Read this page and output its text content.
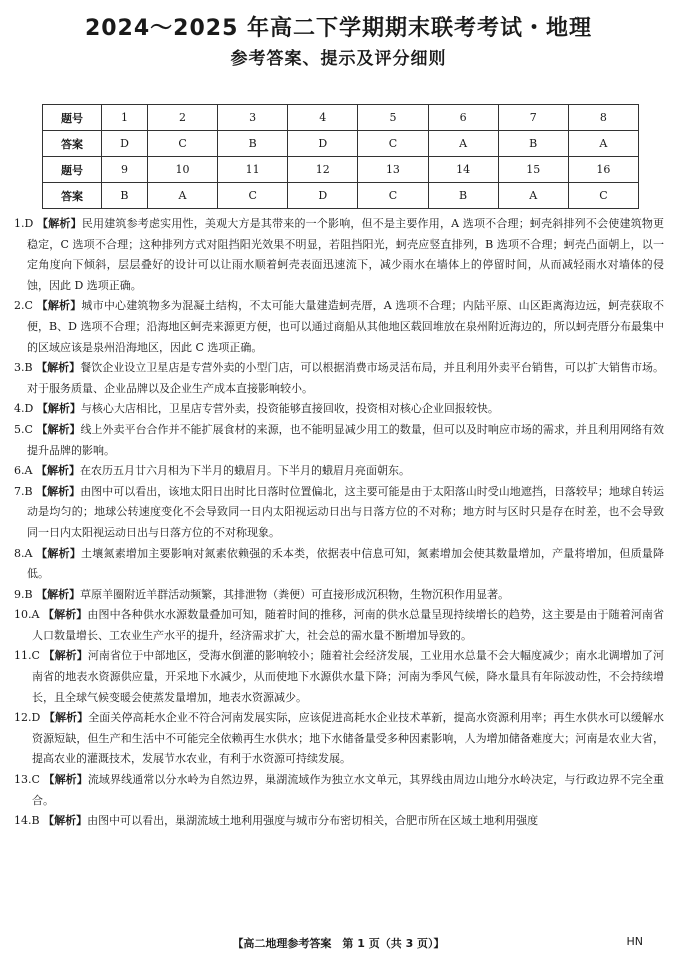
2024～2025 年高二下学期期末联考考试・地理
参考答案、提示及评分细则
题号	1	2	3	4	5	6	7	8
答案	D	C	B	D	C	A	B	A
题号	9	10	11	12	13	14	15	16
答案	B	A	C	D	C	B	A	C

1.D 【解析】民用建筑参考虑实用性，美观大方是其带来的一个影响，但不是主要作用，A 选项不合理；蚵壳斜排列不会使建筑物更稳定，C 选项不合理；这种排列方式对阻挡阳光效果不明显，若阻挡阳光，蚵壳应竖直排列，B 选项不合理；蚵壳凸面朝上，以一定角度向下倾斜，层层叠好的设计可以让雨水顺着蚵壳表面迅速流下，减少雨水在墙体上的停留时间，从而减轻雨水对墙体的侵蚀，因此 D 选项正确。

2.C 【解析】城市中心建筑物多为混凝土结构，不太可能大量建造蚵壳厝，A 选项不合理；内陆平原、山区距离海边远，蚵壳获取不便，B、D 选项不合理；沿海地区蚵壳来源更方便，也可以通过商船从其他地区载回堆放在泉州附近海边的，所以蚵壳厝分布最集中的区域应该是泉州沿海地区，因此 C 选项正确。

3.B 【解析】餐饮企业设立卫星店是专营外卖的小型门店，可以根据消费市场灵活布局，并且利用外卖平台销售，可以扩大销售市场。对于服务质量、企业品牌以及企业生产成本直接影响较小。

4.D 【解析】与核心大店相比，卫星店专营外卖，投资能够直接回收，投资相对核心企业回报较快。

5.C 【解析】线上外卖平台合作并不能扩展食材的来源，也不能明显减少用工的数量，但可以及时响应市场的需求，并且利用网络有效提升品牌的影响。

6.A 【解析】在农历五月廿六月相为下半月的蛾眉月。下半月的蛾眉月亮面朝东。

7.B 【解析】由图中可以看出，该地太阳日出时比日落时位置偏北，这主要可能是由于太阳落山时受山地遮挡，日落较早；地球自转运动是均匀的；地球公转速度变化不会导致同一日内太阳视运动日出与日落方位的不对称；地方时与区时只是存在时差，也不会导致同一日内太阳视运动日出与日落方位的不对称现象。

8.A 【解析】土壤氮素增加主要影响对氮素依赖强的禾本类，依据表中信息可知，氮素增加会使其数量增加，产量将增加，但质量降低。

9.B 【解析】草原羊圈附近羊群活动频繁，其排泄物（粪便）可直接形成沉积物，生物沉积作用显著。

10.A 【解析】由图中各种供水水源数量叠加可知，随着时间的推移，河南的供水总量呈现持续增长的趋势，这主要是由于随着河南省人口数量增长、工农业生产水平的提升，经济需求扩大，社会总的需水量不断增加导致的。

11.C 【解析】河南省位于中部地区，受海水倒灌的影响较小；随着社会经济发展，工业用水总量不会大幅度减少；南水北调增加了河南省的地表水资源供应量，开采地下水减少，从而使地下水源供水量下降；河南为季风气候，降水量具有年际波动性，不会持续增长，且全球气候变暖会使蒸发量增加，地表水资源减少。

12.D 【解析】全面关停高耗水企业不符合河南发展实际，应该促进高耗水企业技术革新，提高水资源利用率；再生水供水可以缓解水资源短缺，但生产和生活中不可能完全依赖再生水供水；地下水储备量受多种因素影响，人为增加储备难度大；河南是农业大省，提高农业的灌溉技术，发展节水农业，有利于水资源可持续发展。

13.C 【解析】流域界线通常以分水岭为自然边界，巢湖流域作为独立水文单元，其界线由周边山地分水岭决定，与行政边界不完全重合。

14.B 【解析】由图中可以看出，巢湖流域土地利用强度与城市分布密切相关，合肥市所在区域土地利用强度

【高二地理参考答案　第 1 页（共 3 页）】	HN
